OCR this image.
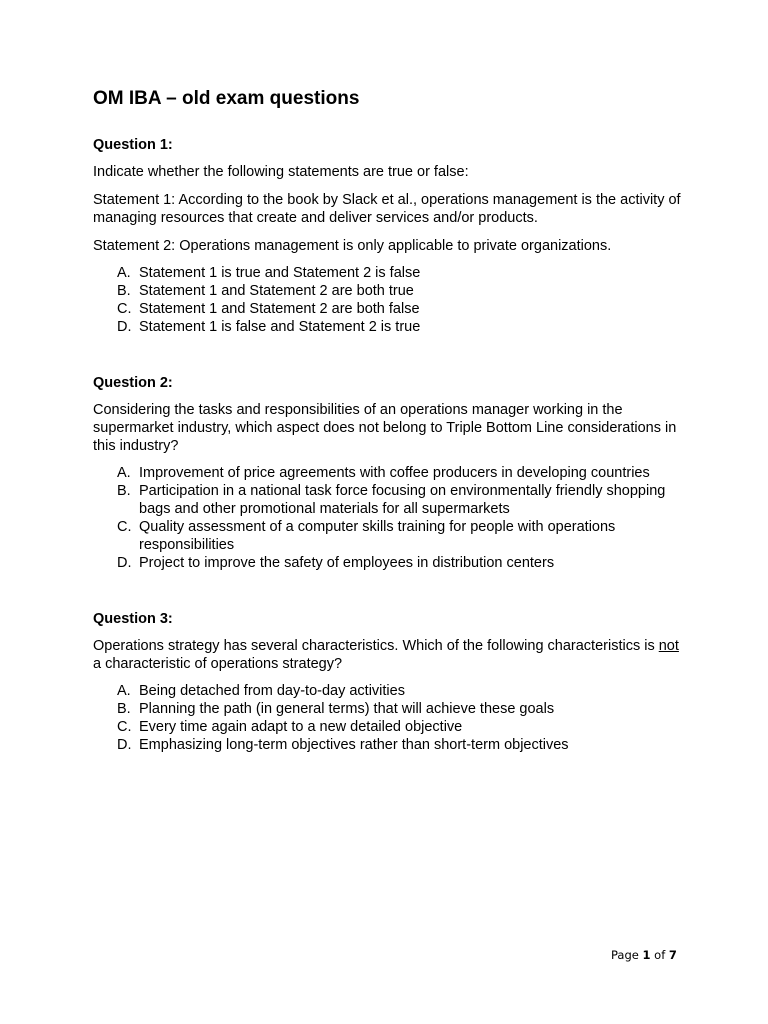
OM IBA – old exam questions
Question 1:

Indicate whether the following statements are true or false:

Statement 1: According to the book by Slack et al., operations management is the activity of managing resources that create and deliver services and/or products.

Statement 2: Operations management is only applicable to private organizations.

A. Statement 1 is true and Statement 2 is false
B. Statement 1 and Statement 2 are both true
C. Statement 1 and Statement 2 are both false
D. Statement 1 is false and Statement 2 is true
Question 2:

Considering the tasks and responsibilities of an operations manager working in the supermarket industry, which aspect does not belong to Triple Bottom Line considerations in this industry?

A. Improvement of price agreements with coffee producers in developing countries
B. Participation in a national task force focusing on environmentally friendly shopping bags and other promotional materials for all supermarkets
C. Quality assessment of a computer skills training for people with operations responsibilities
D. Project to improve the safety of employees in distribution centers
Question 3:

Operations strategy has several characteristics. Which of the following characteristics is not a characteristic of operations strategy?

A. Being detached from day-to-day activities
B. Planning the path (in general terms) that will achieve these goals
C. Every time again adapt to a new detailed objective
D. Emphasizing long-term objectives rather than short-term objectives
Page 1 of 7
